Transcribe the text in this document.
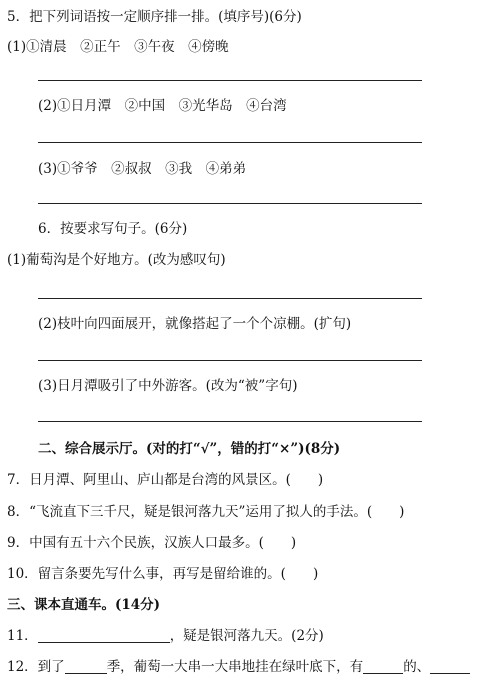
5．把下列词语按一定顺序排一排。(填序号)(6分)
(1)①清晨　②正午　③午夜　④傍晚
(2)①日月潭　②中国　③光华岛　④台湾
(3)①爷爷　②叔叔　③我　④弟弟
6．按要求写句子。(6分)
(1)葡萄沟是个好地方。(改为感叹句)
(2)枝叶向四面展开，就像搭起了一个个凉棚。(扩句)
(3)日月潭吸引了中外游客。(改为“被”字句)
二、综合展示厅。(对的打“√”，错的打“×”)(8分)
7．日月潭、阿里山、庐山都是台湾的风景区。(　　)
8．“飞流直下三千尺，疑是银河落九天”运用了拟人的手法。(　　)
9．中国有五十六个民族，汉族人口最多。(　　)
10．留言条要先写什么事，再写是留给谁的。(　　)
三、课本直通车。(14分)
11．	，疑是银河落九天。(2分)
12．到了	季，葡萄一大串一大串地挂在绿叶底下，有	的、
